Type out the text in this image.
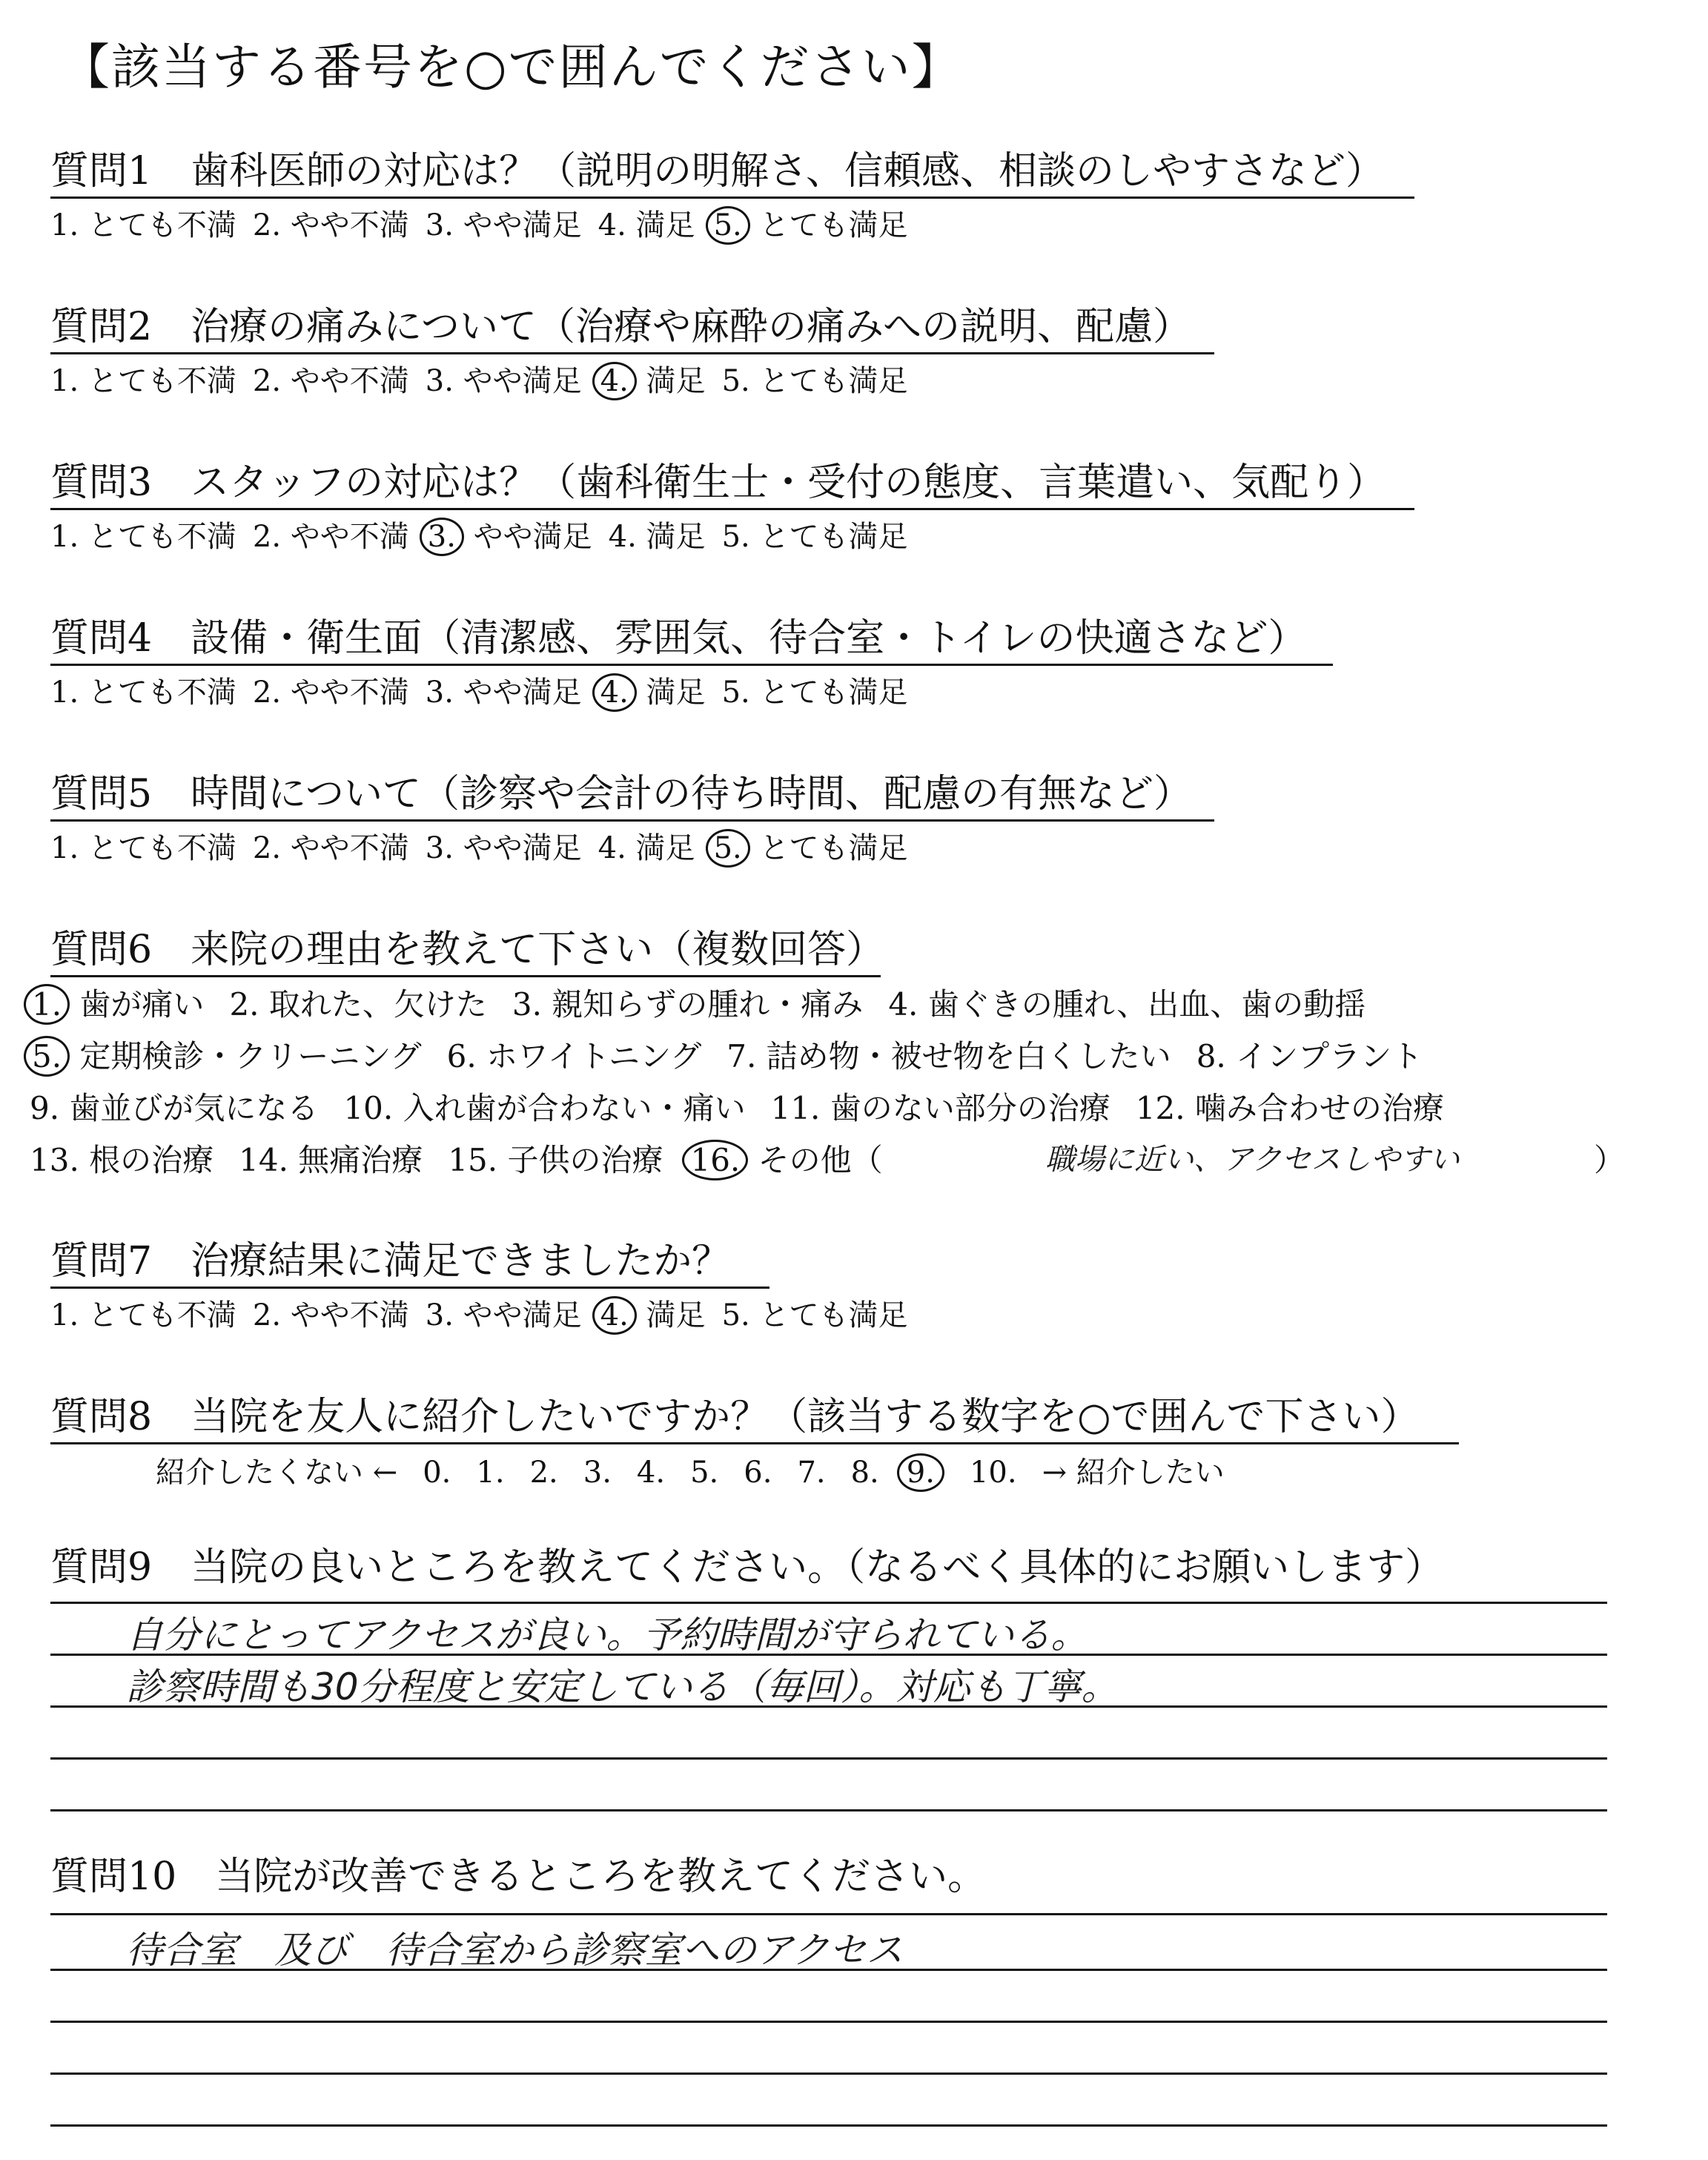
【該当する番号を○で囲んでください】
質問1　歯科医師の対応は？（説明の明解さ、信頼感、相談のしやすさなど）
1. とても不満 2. やや不満 3. やや満足 4. 満足 5. とても満足
質問2　治療の痛みについて（治療や麻酔の痛みへの説明、配慮）
1. とても不満 2. やや不満 3. やや満足 4. 満足 5. とても満足
質問3　スタッフの対応は？（歯科衛生士・受付の態度、言葉遣い、気配り）
1. とても不満 2. やや不満 3. やや満足 4. 満足 5. とても満足
質問4　設備・衛生面（清潔感、雰囲気、待合室・トイレの快適さなど）
1. とても不満 2. やや不満 3. やや満足 4. 満足 5. とても満足
質問5　時間について（診察や会計の待ち時間、配慮の有無など）
1. とても不満 2. やや不満 3. やや満足 4. 満足 5. とても満足
質問6　来院の理由を教えて下さい（複数回答）
1. 歯が痛い 2. 取れた、欠けた 3. 親知らずの腫れ・痛み 4. 歯ぐきの腫れ、出血、歯の動揺
5. 定期検診・クリーニング 6. ホワイトニング 7. 詰め物・被せ物を白くしたい 8. インプラント
9. 歯並びが気になる 10. 入れ歯が合わない・痛い 11. 歯のない部分の治療 12. 噛み合わせの治療
13. 根の治療 14. 無痛治療 15. 子供の治療 16. その他（	職場に近い、アクセスしやすい	）
質問7　治療結果に満足できましたか？
1. とても不満 2. やや不満 3. やや満足 4. 満足 5. とても満足
質問8　当院を友人に紹介したいですか？（該当する数字を○で囲んで下さい）
紹介したくない ← 0. 1. 2. 3. 4. 5. 6. 7. 8. 9. 10. → 紹介したい
質問9　当院の良いところを教えてください。（なるべく具体的にお願いします）
自分にとってアクセスが良い。予約時間が守られている。
診察時間も30分程度と安定している（毎回）。対応も丁寧。
質問10　当院が改善できるところを教えてください。
待合室　及び　待合室から診察室へのアクセス
